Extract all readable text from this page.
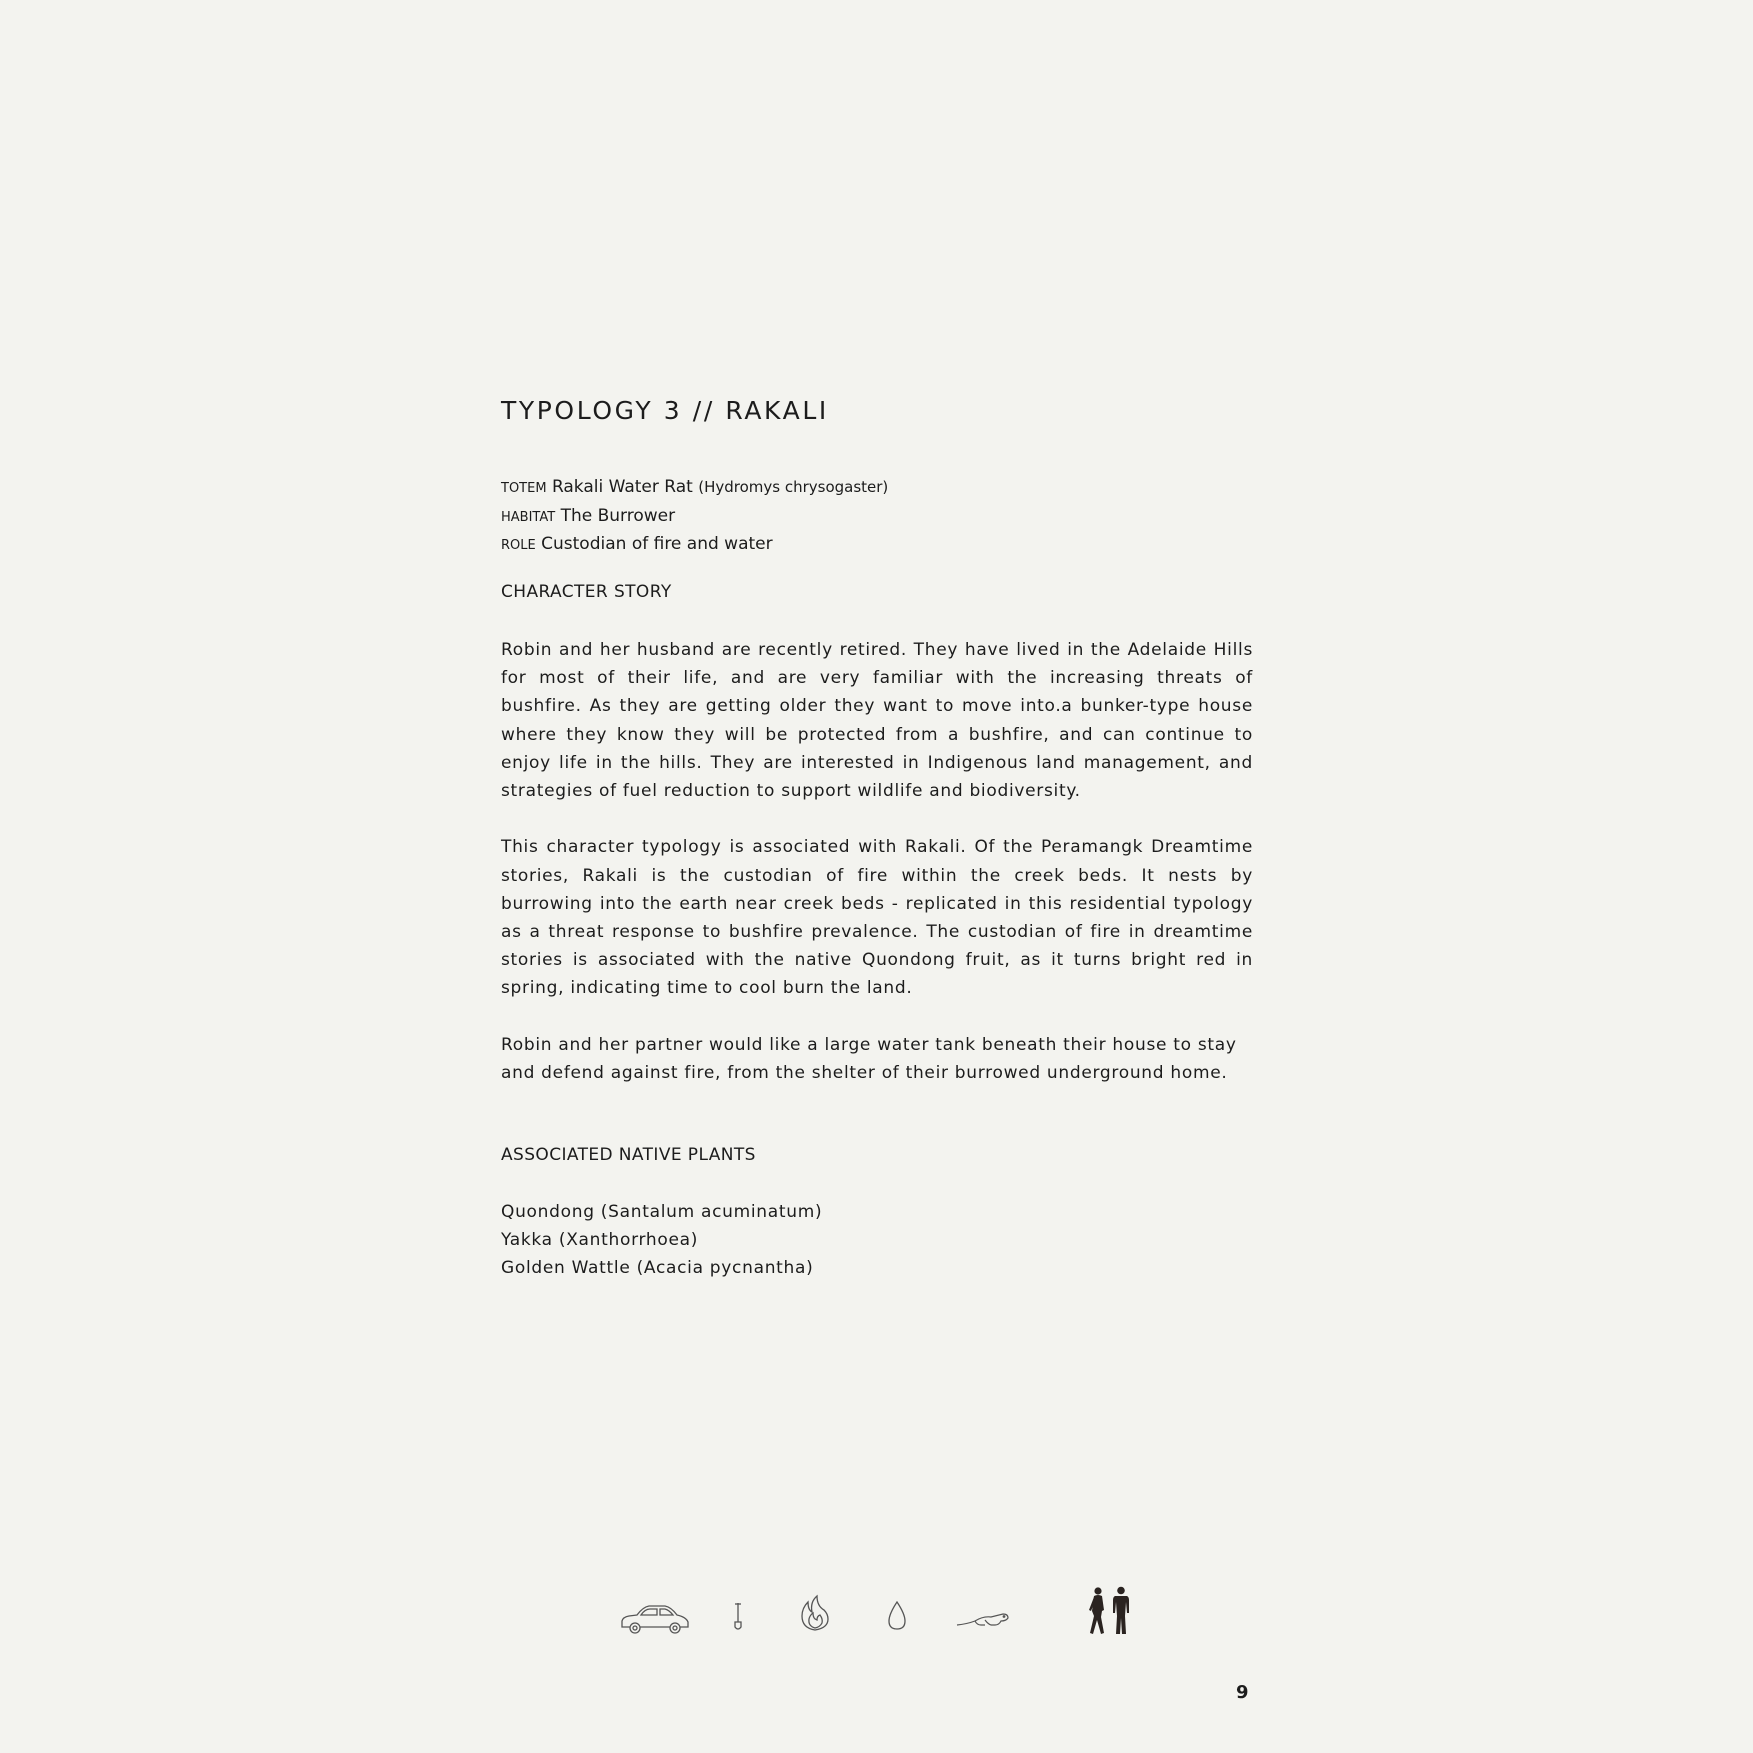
TYPOLOGY 3 // RAKALI
TOTEM Rakali Water Rat (Hydromys chrysogaster)
HABITAT The Burrower
ROLE Custodian of fire and water
CHARACTER STORY

Robin and her husband are recently retired. They have lived in the Adelaide Hills for most of their life, and are very familiar with the increasing threats of bushfire. As they are getting older they want to move into.a bunker-type house where they know they will be protected from a bushfire, and can continue to enjoy life in the hills. They are interested in Indigenous land management, and strategies of fuel reduction to support wildlife and biodiversity.

This character typology is associated with Rakali. Of the Peramangk Dreamtime stories, Rakali is the custodian of fire within the creek beds. It nests by burrowing into the earth near creek beds - replicated in this residential typology as a threat response to bushfire prevalence. The custodian of fire in dreamtime stories is associated with the native Quondong fruit, as it turns bright red in spring, indicating time to cool burn the land.

Robin and her partner would like a large water tank beneath their house to stay and defend against fire, from the shelter of their burrowed underground home.

ASSOCIATED NATIVE PLANTS
Quondong (Santalum acuminatum)
Yakka (Xanthorrhoea)
Golden Wattle (Acacia pycnantha)
9
